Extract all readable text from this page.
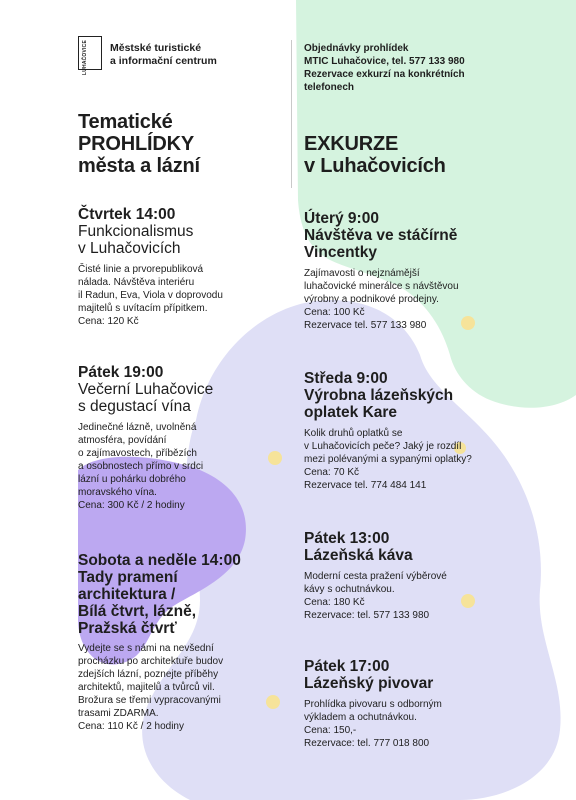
LUHAČOVICE Městské turistické
a informační centrum
Objednávky prohlídek
MTIC Luhačovice, tel. 577 133 980
Rezervace exkurzí na konkrétních
telefonech
Tematické
PROHLÍDKY
města a lázní
EXKURZE
v Luhačovicích
Čtvrtek 14:00
Funkcionalismus
v Luhačovicích
Čisté linie a prvorepubliková
nálada. Návštěva interiéru
il Radun, Eva, Viola v doprovodu
majitelů s uvítacím přípitkem.
Cena: 120 Kč
Pátek 19:00
Večerní Luhačovice
s degustací vína
Jedinečné lázně, uvolněná
atmosféra, povídání
o zajímavostech, příbězích
a osobnostech přímo v srdci
lázní u pohárku dobrého
moravského vína.
Cena: 300 Kč / 2 hodiny
Sobota a neděle 14:00
Tady pramení
architektura /
Bílá čtvrt, lázně,
Pražská čtvrť
Vydejte se s námi na nevšední
procházku po architektuře budov
zdejších lázní, poznejte příběhy
architektů, majitelů a tvůrců vil.
Brožura se třemi vypracovanými
trasami ZDARMA.
Cena: 110 Kč / 2 hodiny
Úterý 9:00
Návštěva ve stáčírně
Vincentky
Zajímavosti o nejznámější
luhačovické minerálce s návštěvou
výrobny a podnikové prodejny.
Cena: 100 Kč
Rezervace tel. 577 133 980
Středa 9:00
Výrobna lázeňských
oplatek Kare
Kolik druhů oplatků se
v Luhačovicích peče? Jaký je rozdíl
mezi polévanými a sypanými oplatky?
Cena: 70 Kč
Rezervace tel. 774 484 141
Pátek 13:00
Lázeňská káva
Moderní cesta pražení výběrové
kávy s ochutnávkou.
Cena: 180 Kč
Rezervace: tel. 577 133 980
Pátek 17:00
Lázeňský pivovar
Prohlídka pivovaru s odborným
výkladem a ochutnávkou.
Cena: 150,-
Rezervace: tel. 777 018 800
